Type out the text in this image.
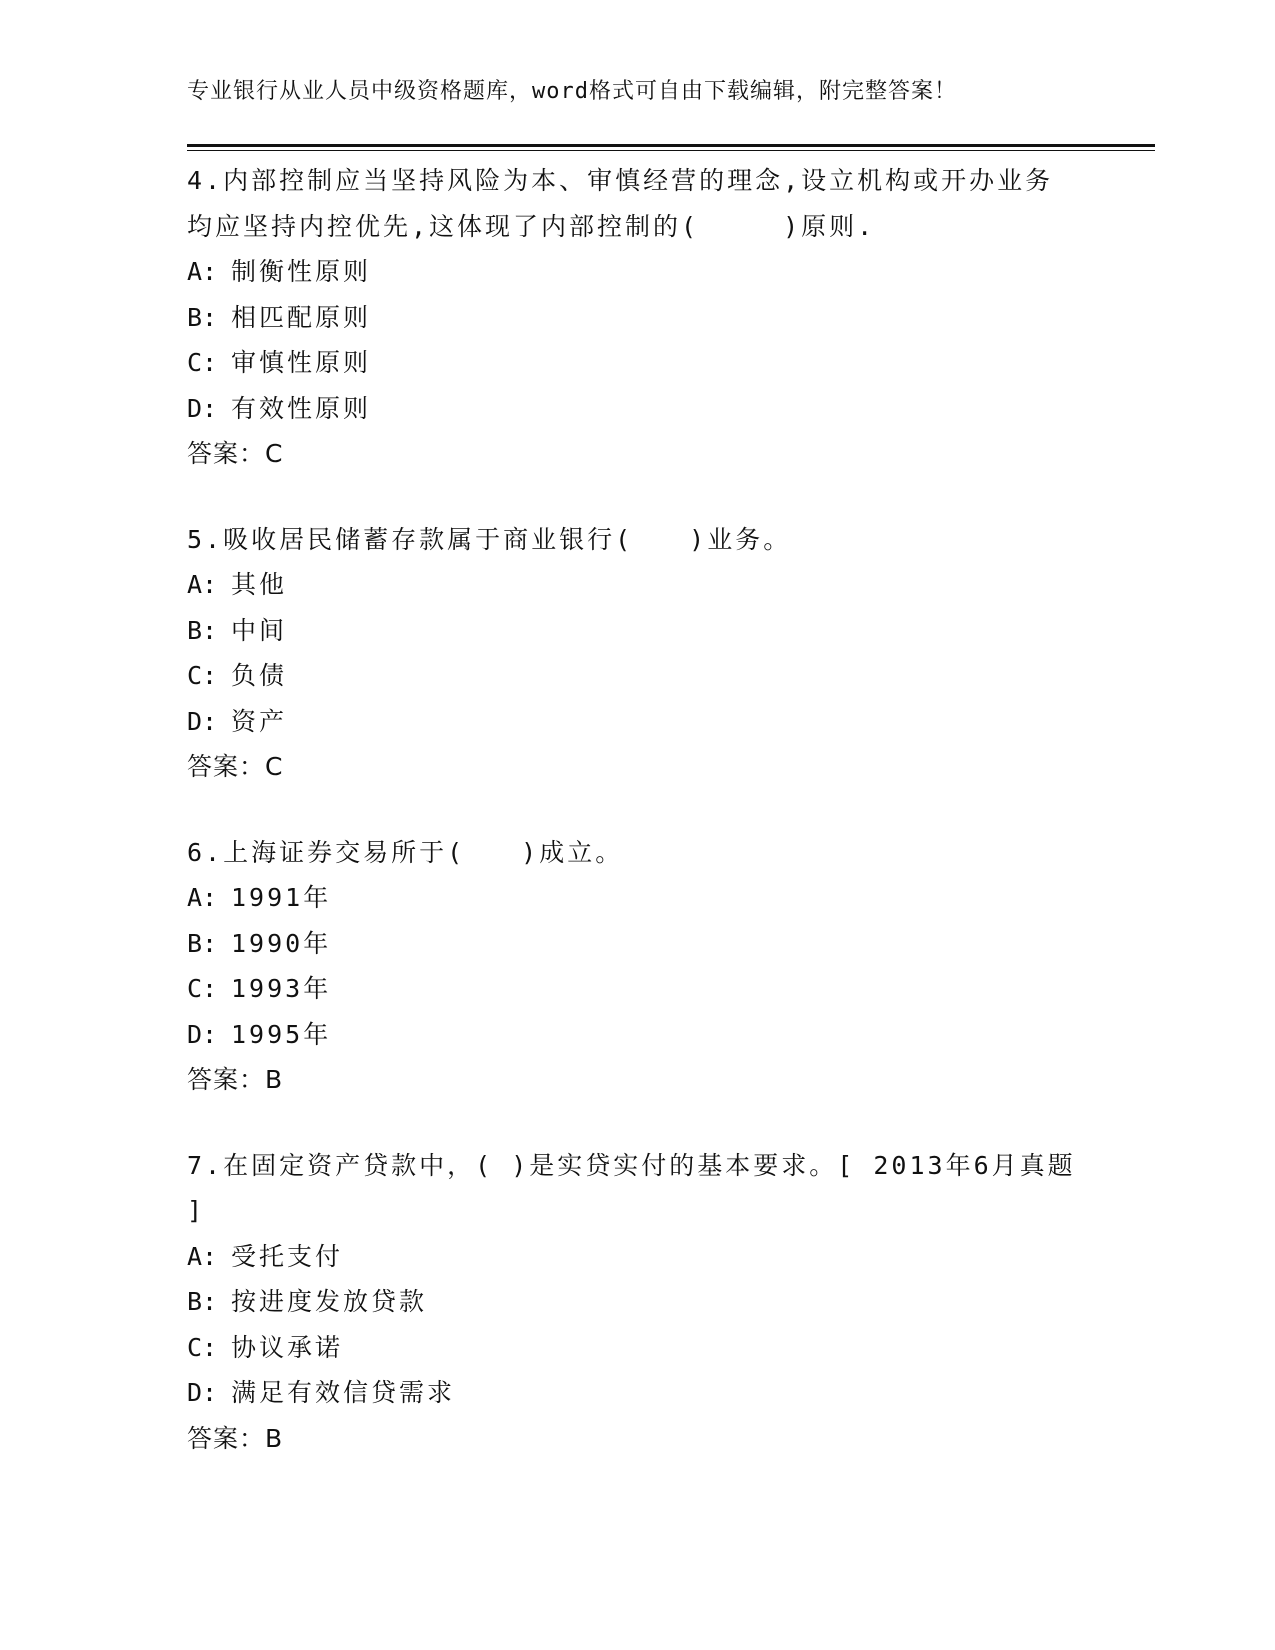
专业银行从业人员中级资格题库，word格式可自由下载编辑，附完整答案！
4.内部控制应当坚持风险为本、审慎经营的理念,设立机构或开办业务
均应坚持内控优先,这体现了内部控制的(　　　)原则.
A: 制衡性原则
B: 相匹配原则
C: 审慎性原则
D: 有效性原则
答案：C
5.吸收居民储蓄存款属于商业银行(　　)业务。
A: 其他
B: 中间
C: 负债
D: 资产
答案：C
6.上海证券交易所于(　　)成立。
A: 1991年
B: 1990年
C: 1993年
D: 1995年
答案：B
7.在固定资产贷款中，( )是实贷实付的基本要求。[ 2013年6月真题
]
A: 受托支付
B: 按进度发放贷款
C: 协议承诺
D: 满足有效信贷需求
答案：B
